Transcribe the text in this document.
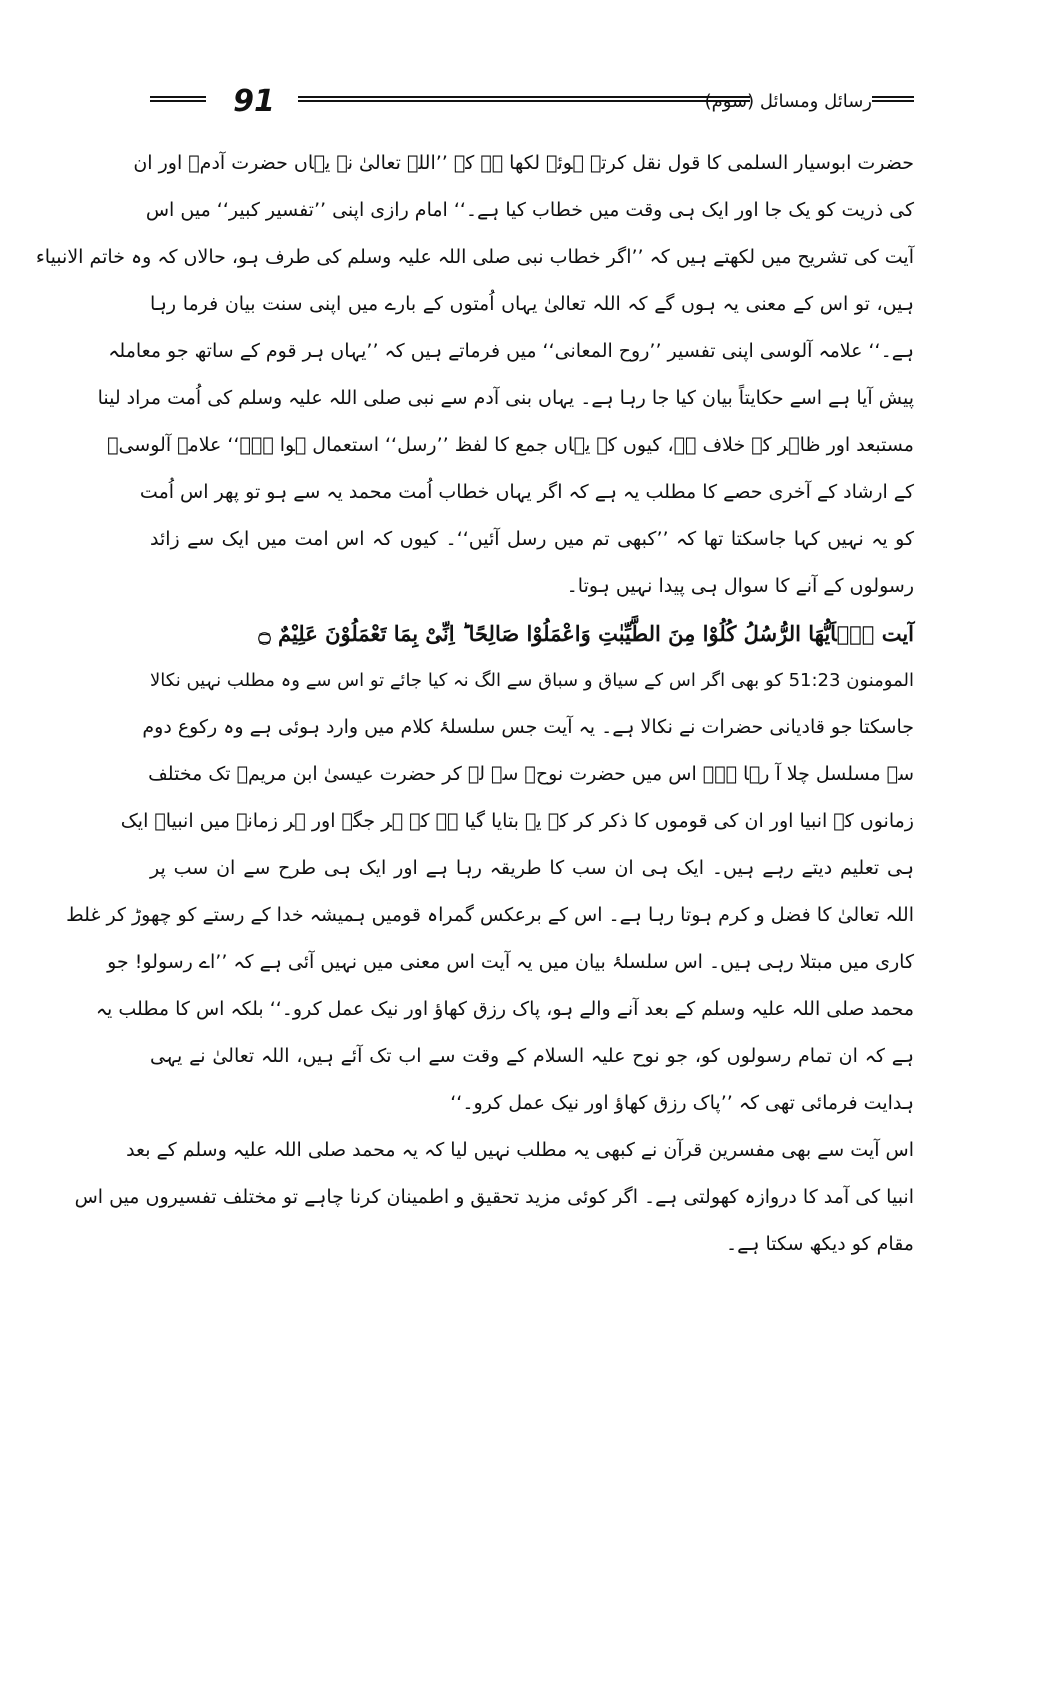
91	رسائل ومسائل (سوم)
حضرت ابوسیار السلمی کا قول نقل کرتے ہوئے لکھا ہے کہ ’’اللہ تعالیٰ نے یہاں حضرت آدمؑ اور ان
کی ذریت کو یک جا اور ایک ہی وقت میں خطاب کیا ہے۔‘‘ امام رازی اپنی ’’تفسیر کبیر‘‘ میں اس
آیت کی تشریح میں لکھتے ہیں کہ ’’اگر خطاب نبی صلی اللہ علیہ وسلم کی طرف ہو، حالاں کہ وہ خاتم الانبیاء
ہیں، تو اس کے معنی یہ ہوں گے کہ اللہ تعالیٰ یہاں اُمتوں کے بارے میں اپنی سنت بیان فرما رہا
ہے۔‘‘ علامہ آلوسی اپنی تفسیر ’’روح المعانی‘‘ میں فرماتے ہیں کہ ’’یہاں ہر قوم کے ساتھ جو معاملہ
پیش آیا ہے اسے حکایتاً بیان کیا جا رہا ہے۔ یہاں بنی آدم سے نبی صلی اللہ علیہ وسلم کی اُمت مراد لینا
مستبعد اور ظاہر کے خلاف ہے، کیوں کہ یہاں جمع کا لفظ ’’رسل‘‘ استعمال ہوا ہے۔‘‘ علامہ آلوسیؒ
کے ارشاد کے آخری حصے کا مطلب یہ ہے کہ اگر یہاں خطاب اُمت محمد یہ سے ہو تو پھر اس اُمت
کو یہ نہیں کہا جاسکتا تھا کہ ’’کبھی تم میں رسل آئیں‘‘۔ کیوں کہ اس امت میں ایک سے زائد
رسولوں کے آنے کا سوال ہی پیدا نہیں ہوتا۔
آیت یٰۤاَیُّهَا الرُّسُلُ كُلُوْا مِنَ الطَّیِّبٰتِ وَاعْمَلُوْا صَالِحًا ؕ اِنِّیْ بِمَا تَعْمَلُوْنَ عَلِیْمٌ ۝
المومنون 51:23 کو بھی اگر اس کے سیاق و سباق سے الگ نہ کیا جائے تو اس سے وہ مطلب نہیں نکالا
جاسکتا جو قادیانی حضرات نے نکالا ہے۔ یہ آیت جس سلسلۂ کلام میں وارد ہوئی ہے وہ رکوع دوم
سے مسلسل چلا آ رہا ہے۔ اس میں حضرت نوحؑ سے لے کر حضرت عیسیٰ ابن مریمؑ تک مختلف
زمانوں کے انبیا اور ان کی قوموں کا ذکر کر کے یہ بتایا گیا ہے کہ ہر جگہ اور ہر زمانے میں انبیاؑ ایک
ہی تعلیم دیتے رہے ہیں۔ ایک ہی ان سب کا طریقہ رہا ہے اور ایک ہی طرح سے ان سب پر
اللہ تعالیٰ کا فضل و کرم ہوتا رہا ہے۔ اس کے برعکس گمراہ قومیں ہمیشہ خدا کے رستے کو چھوڑ کر غلط
کاری میں مبتلا رہی ہیں۔ اس سلسلۂ بیان میں یہ آیت اس معنی میں نہیں آئی ہے کہ ’’اے رسولو! جو
محمد صلی اللہ علیہ وسلم کے بعد آنے والے ہو، پاک رزق کھاؤ اور نیک عمل کرو۔‘‘ بلکہ اس کا مطلب یہ
ہے کہ ان تمام رسولوں کو، جو نوح علیہ السلام کے وقت سے اب تک آئے ہیں، اللہ تعالیٰ نے یہی
ہدایت فرمائی تھی کہ ’’پاک رزق کھاؤ اور نیک عمل کرو۔‘‘
اس آیت سے بھی مفسرین قرآن نے کبھی یہ مطلب نہیں لیا کہ یہ محمد صلی اللہ علیہ وسلم کے بعد
انبیا کی آمد کا دروازہ کھولتی ہے۔ اگر کوئی مزید تحقیق و اطمینان کرنا چاہے تو مختلف تفسیروں میں اس
مقام کو دیکھ سکتا ہے۔
